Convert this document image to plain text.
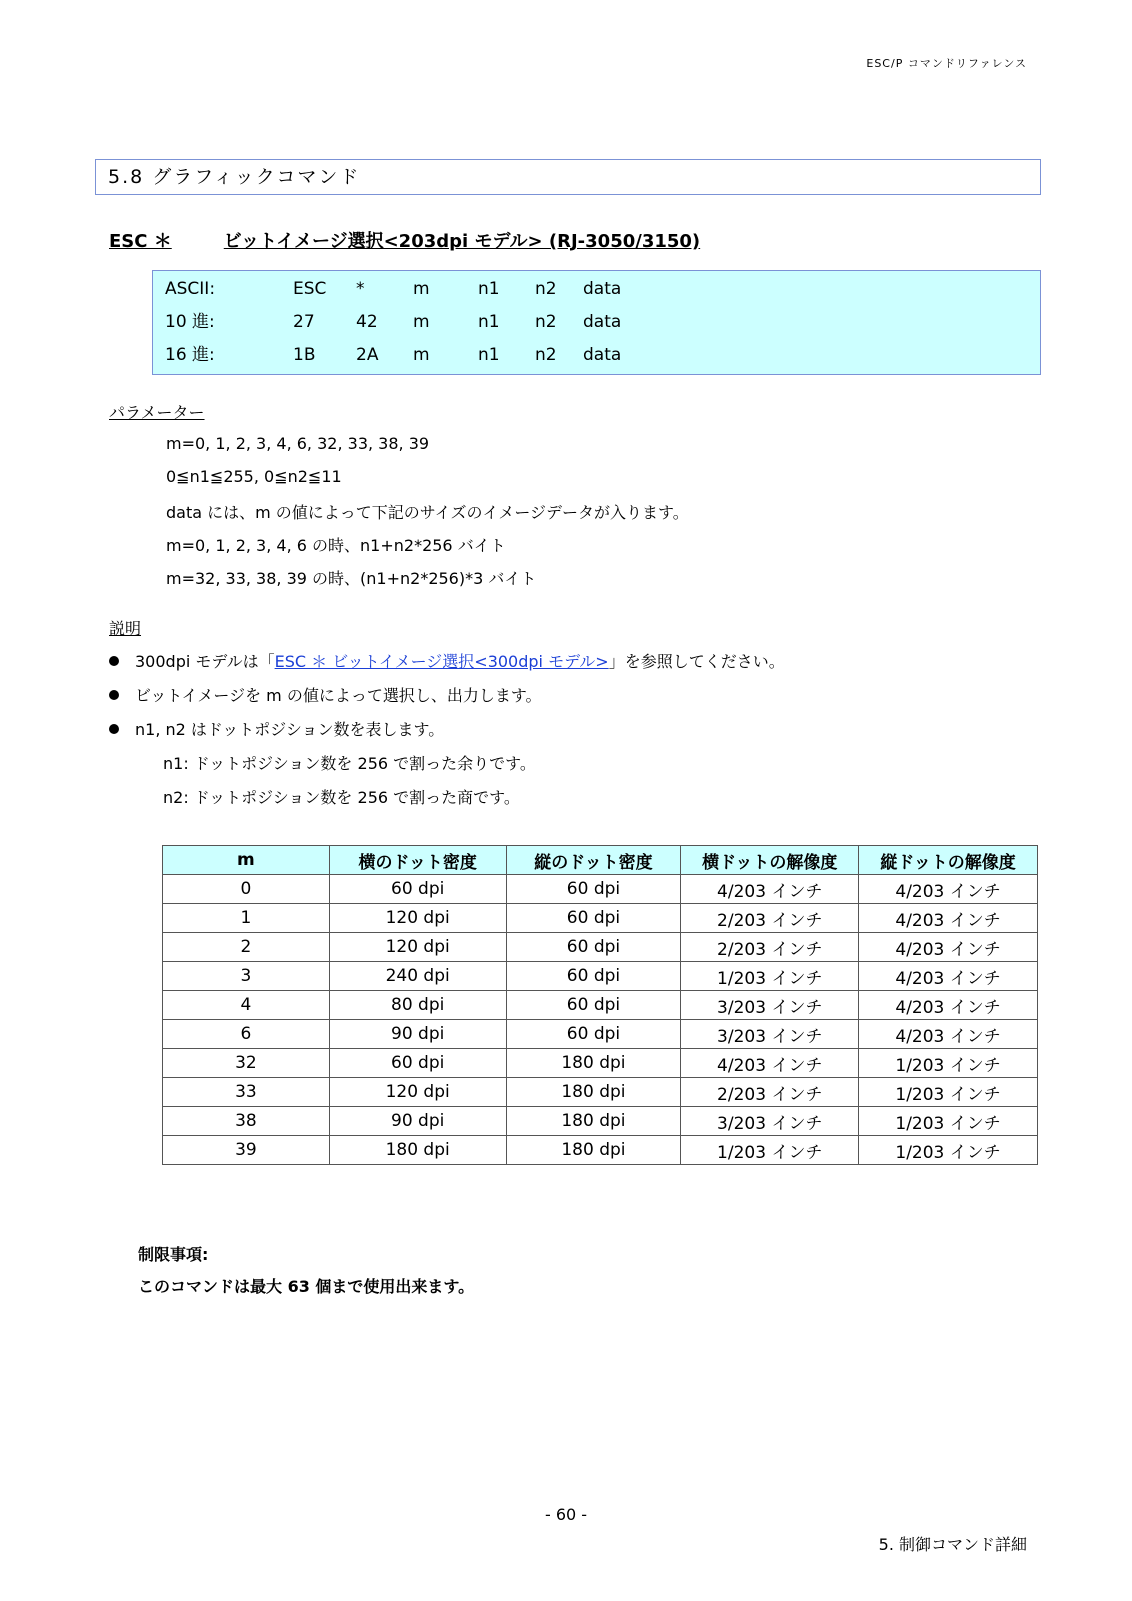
ESC/P コマンドリファレンス
5.8 グラフィックコマンド
ESC ＊	ビットイメージ選択<203dpi モデル> (RJ-3050/3150)
ASCII:	ESC *	m	n1 n2 data
10 進:	27 42 m	n1 n2 data
16 進:	1B 2A m	n1 n2 data
パラメーター
m=0, 1, 2, 3, 4, 6, 32, 33, 38, 39
0≦n1≦255, 0≦n2≦11
data には、m の値によって下記のサイズのイメージデータが入ります。
m=0, 1, 2, 3, 4, 6 の時、n1+n2*256 バイト
m=32, 33, 38, 39 の時、(n1+n2*256)*3 バイト
説明
300dpi モデルは「ESC ＊ ビットイメージ選択<300dpi モデル>」を参照してください。
ビットイメージを m の値によって選択し、出力します。
n1, n2 はドットポジション数を表します。
n1: ドットポジション数を 256 で割った余りです。
n2: ドットポジション数を 256 で割った商です。
m	横のドット密度	縦のドット密度	横ドットの解像度	縦ドットの解像度
0	60 dpi	60 dpi	4/203 インチ	4/203 インチ
1	120 dpi	60 dpi	2/203 インチ	4/203 インチ
2	120 dpi	60 dpi	2/203 インチ	4/203 インチ
3	240 dpi	60 dpi	1/203 インチ	4/203 インチ
4	80 dpi	60 dpi	3/203 インチ	4/203 インチ
6	90 dpi	60 dpi	3/203 インチ	4/203 インチ
32	60 dpi	180 dpi	4/203 インチ	1/203 インチ
33	120 dpi	180 dpi	2/203 インチ	1/203 インチ
38	90 dpi	180 dpi	3/203 インチ	1/203 インチ
39	180 dpi	180 dpi	1/203 インチ	1/203 インチ
制限事項:
このコマンドは最大 63 個まで使用出来ます。
- 60 -
5. 制御コマンド詳細
